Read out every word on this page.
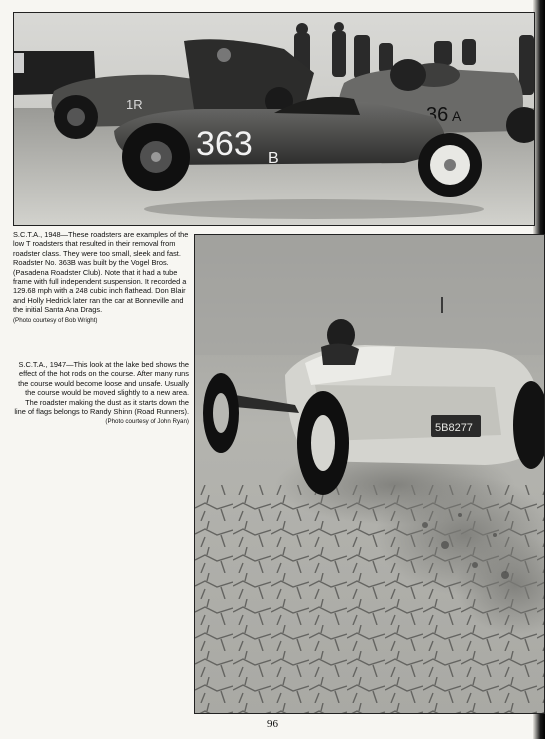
36 A
1R
363 B

S.C.T.A., 1948—These roadsters are examples of the low T roadsters that resulted in their removal from roadster class. They were too small, sleek and fast. Roadster No. 363B was built by the Vogel Bros. (Pasadena Roadster Club). Note that it had a tube frame with full independent suspension. It recorded a 129.68 mph with a 248 cubic inch flathead. Don Blair and Holly Hedrick later ran the car at Bonneville and the initial Santa Ana Drags.
(Photo courtesy of Bob Wright)

S.C.T.A., 1947—This look at the lake bed shows the effect of the hot rods on the course. After many runs the course would become loose and unsafe. Usually the course would be moved slightly to a new area. The roadster making the dust as it starts down the line of flags belongs to Randy Shinn (Road Runners).
(Photo courtesy of John Ryan)

5B8277
96
